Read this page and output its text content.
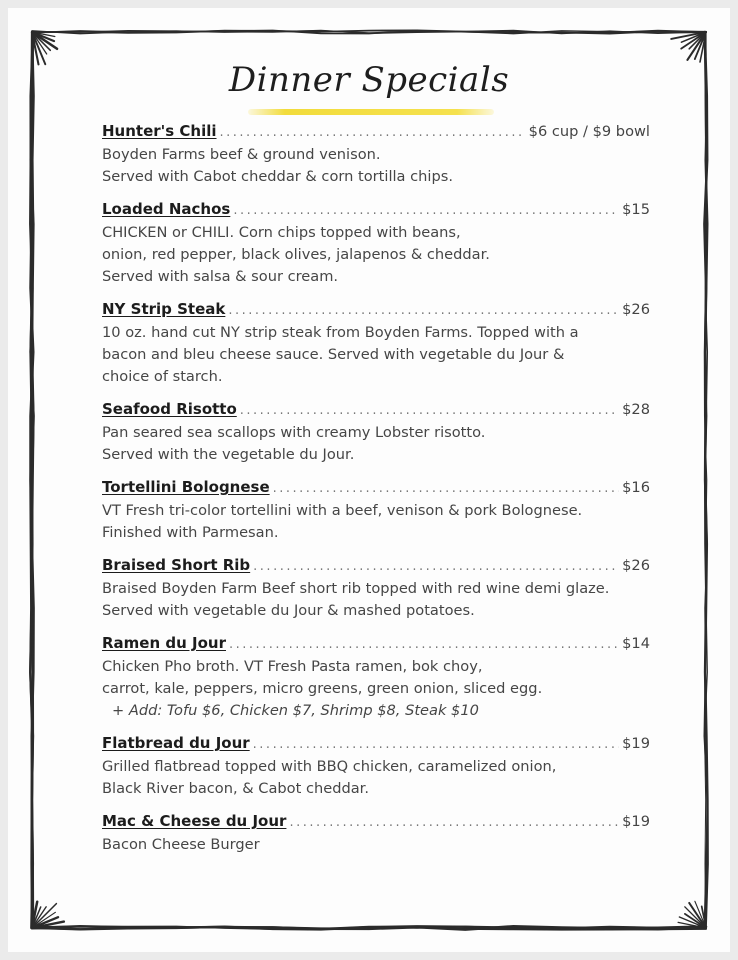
Dinner Specials
Hunter's Chili .....	$6 cup / $9 bowl
Boyden Farms beef & ground venison.
Served with Cabot cheddar & corn tortilla chips.
Loaded Nachos .....	$15
CHICKEN or CHILI. Corn chips topped with beans,
onion, red pepper, black olives, jalapenos & cheddar.
Served with salsa & sour cream.
NY Strip Steak .....	$26
10 oz. hand cut NY strip steak from Boyden Farms. Topped with a
bacon and bleu cheese sauce. Served with vegetable du Jour &
choice of starch.
Seafood Risotto .....	$28
Pan seared sea scallops with creamy Lobster risotto.
Served with the vegetable du Jour.
Tortellini Bolognese .....	$16
VT Fresh tri-color tortellini with a beef, venison & pork Bolognese.
Finished with Parmesan.
Braised Short Rib .....	$26
Braised Boyden Farm Beef short rib topped with red wine demi glaze.
Served with vegetable du Jour & mashed potatoes.
Ramen du Jour .....	$14
Chicken Pho broth. VT Fresh Pasta ramen, bok choy,
carrot, kale, peppers, micro greens, green onion, sliced egg.
+ Add: Tofu $6, Chicken $7, Shrimp $8, Steak $10
Flatbread du Jour .....	$19
Grilled flatbread topped with BBQ chicken, caramelized onion,
Black River bacon, & Cabot cheddar.
Mac & Cheese du Jour .....	$19
Bacon Cheese Burger
